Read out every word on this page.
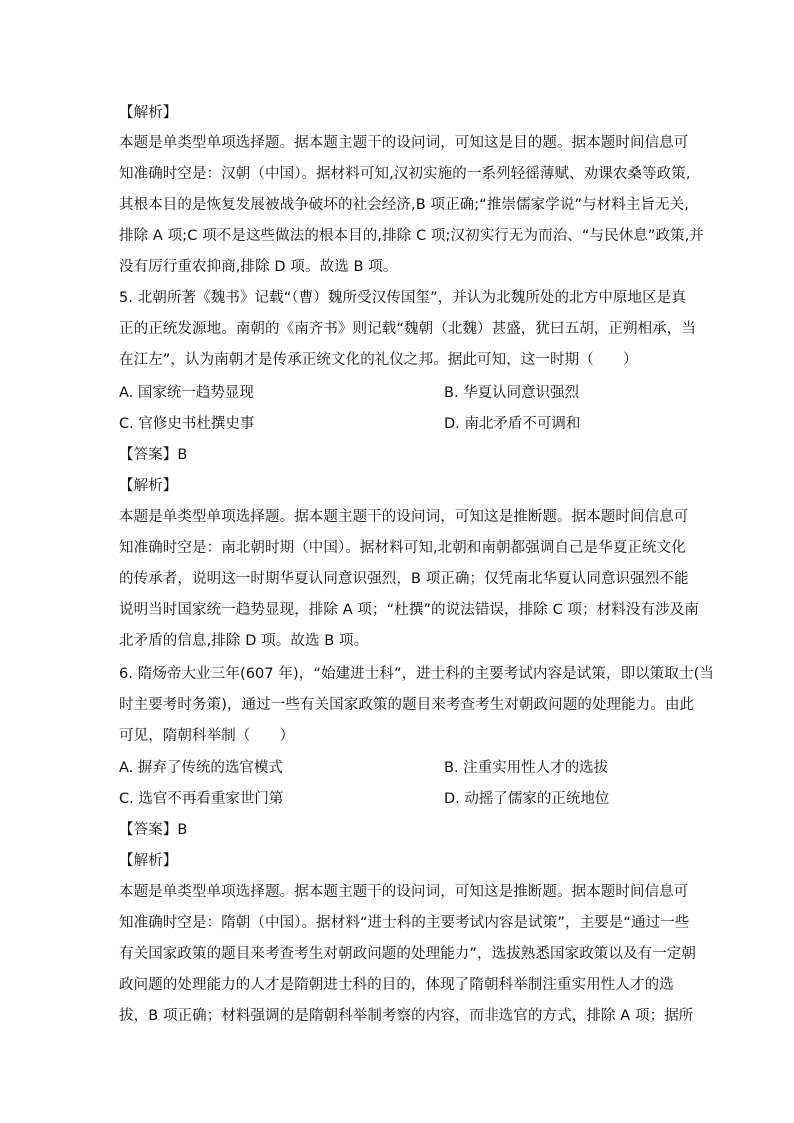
【解析】
本题是单类型单项选择题。据本题主题干的设问词，可知这是目的题。据本题时间信息可
知准确时空是：汉朝（中国）。据材料可知,汉初实施的一系列轻徭薄赋、劝课农桑等政策,
其根本目的是恢复发展被战争破坏的社会经济,B 项正确;“推崇儒家学说”与材料主旨无关,
排除 A 项;C 项不是这些做法的根本目的,排除 C 项;汉初实行无为而治、“与民休息”政策,并
没有厉行重农抑商,排除 D 项。故选 B 项。
5. 北朝所著《魏书》记载“（曹）魏所受汉传国玺”，并认为北魏所处的北方中原地区是真
正的正统发源地。南朝的《南齐书》则记载“魏朝（北魏）甚盛，犹曰五胡，正朔相承，当
在江左”，认为南朝才是传承正统文化的礼仪之邦。据此可知，这一时期（　　）
A. 国家统一趋势显现	B. 华夏认同意识强烈
C. 官修史书杜撰史事	D. 南北矛盾不可调和
【答案】B
【解析】
本题是单类型单项选择题。据本题主题干的设问词，可知这是推断题。据本题时间信息可
知准确时空是：南北朝时期（中国）。据材料可知,北朝和南朝都强调自己是华夏正统文化
的传承者，说明这一时期华夏认同意识强烈，B 项正确；仅凭南北华夏认同意识强烈不能
说明当时国家统一趋势显现，排除 A 项；“杜撰”的说法错误，排除 C 项；材料没有涉及南
北矛盾的信息,排除 D 项。故选 B 项。
6. 隋炀帝大业三年(607 年)，“始建进士科”，进士科的主要考试内容是试策，即以策取士(当
时主要考时务策)，通过一些有关国家政策的题目来考查考生对朝政问题的处理能力。由此
可见，隋朝科举制（　　）
A. 摒弃了传统的选官模式	B. 注重实用性人才的选拔
C. 选官不再看重家世门第	D. 动摇了儒家的正统地位
【答案】B
【解析】
本题是单类型单项选择题。据本题主题干的设问词，可知这是推断题。据本题时间信息可
知准确时空是：隋朝（中国）。据材料“进士科的主要考试内容是试策”，主要是“通过一些
有关国家政策的题目来考查考生对朝政问题的处理能力”，选拔熟悉国家政策以及有一定朝
政问题的处理能力的人才是隋朝进士科的目的，体现了隋朝科举制注重实用性人才的选
拔，B 项正确；材料强调的是隋朝科举制考察的内容，而非选官的方式，排除 A 项；据所
